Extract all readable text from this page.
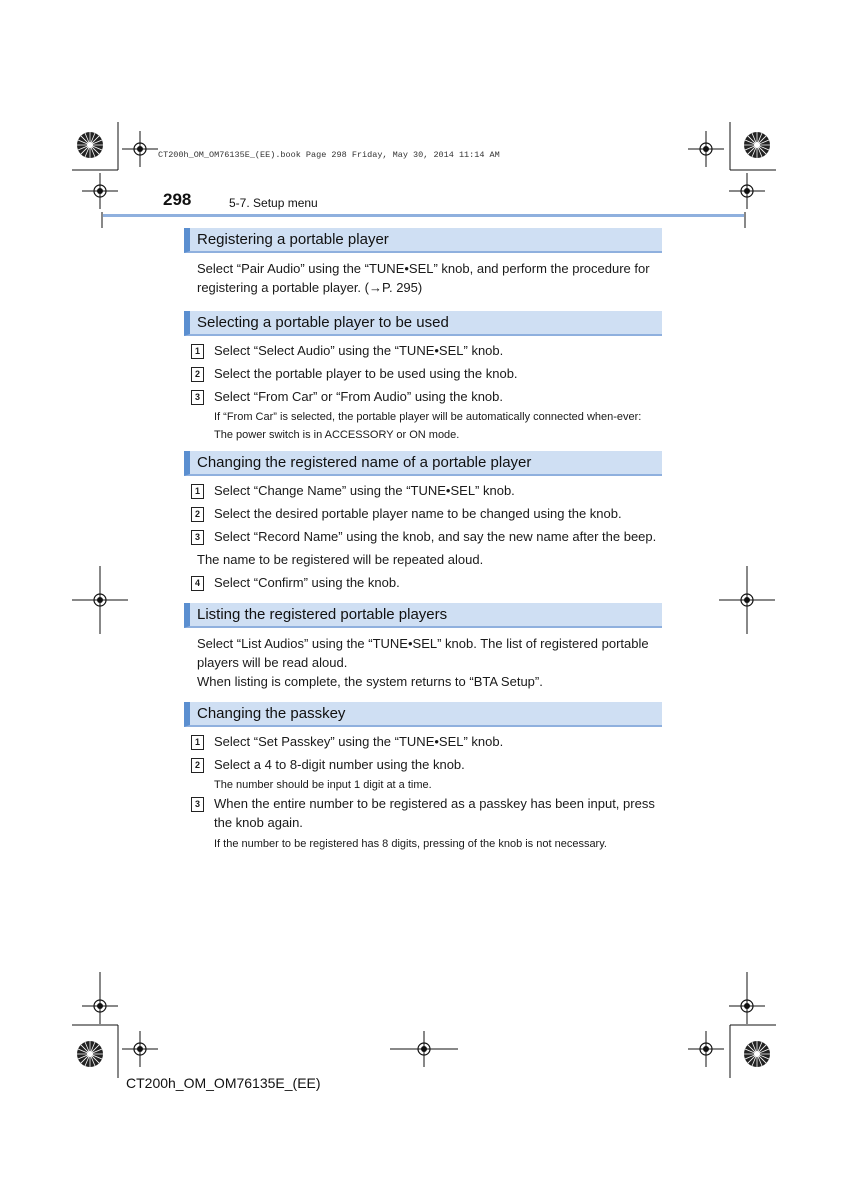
CT200h_OM_OM76135E_(EE).book Page 298 Friday, May 30, 2014 11:14 AM
298	5-7. Setup menu
Registering a portable player
Select “Pair Audio” using the “TUNE•SEL” knob, and perform the procedure for registering a portable player. (→P. 295)
Selecting a portable player to be used
1	Select “Select Audio” using the “TUNE•SEL” knob.
2	Select the portable player to be used using the knob.
3	Select “From Car” or “From Audio” using the knob.
If “From Car” is selected, the portable player will be automatically connected when-ever:
The power switch is in ACCESSORY or ON mode.
Changing the registered name of a portable player
1	Select “Change Name” using the “TUNE•SEL” knob.
2	Select the desired portable player name to be changed using the knob.
3	Select “Record Name” using the knob, and say the new name after the beep.
The name to be registered will be repeated aloud.
4	Select “Confirm” using the knob.
Listing the registered portable players
Select “List Audios” using the “TUNE•SEL” knob. The list of registered portable players will be read aloud.
When listing is complete, the system returns to “BTA Setup”.
Changing the passkey
1	Select “Set Passkey” using the “TUNE•SEL” knob.
2	Select a 4 to 8-digit number using the knob.
The number should be input 1 digit at a time.
3	When the entire number to be registered as a passkey has been input, press the knob again.
If the number to be registered has 8 digits, pressing of the knob is not necessary.
CT200h_OM_OM76135E_(EE)
